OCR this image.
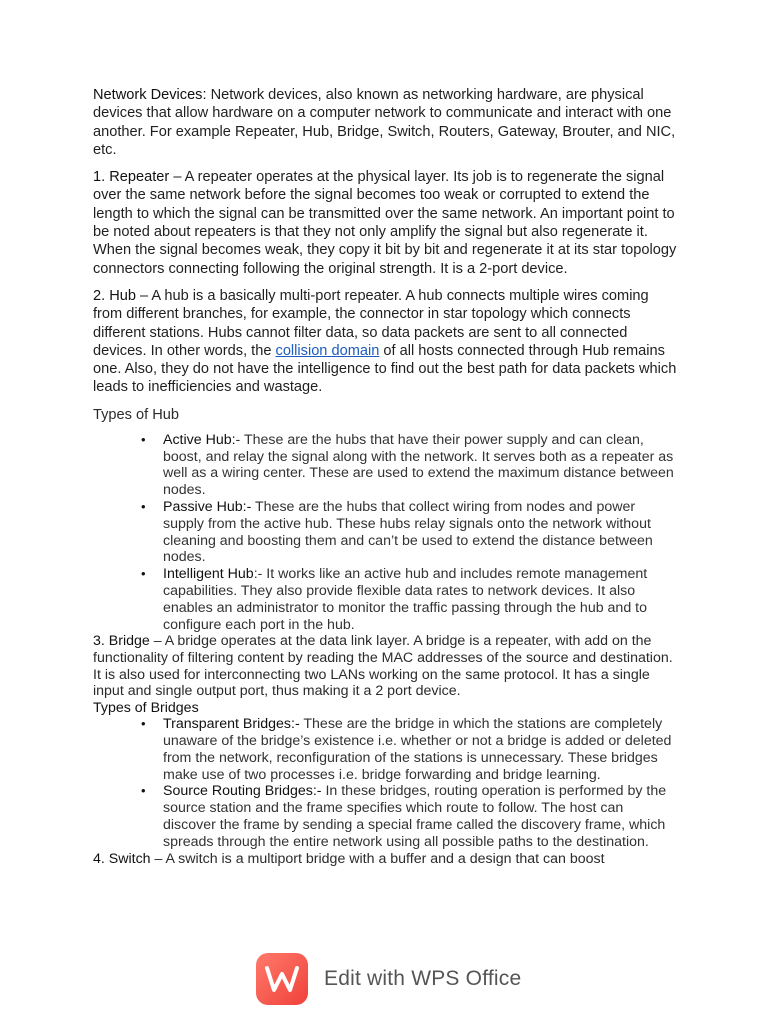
Network Devices: Network devices, also known as networking hardware, are physical devices that allow hardware on a computer network to communicate and interact with one another. For example Repeater, Hub, Bridge, Switch, Routers, Gateway, Brouter, and NIC, etc.

1. Repeater – A repeater operates at the physical layer. Its job is to regenerate the signal over the same network before the signal becomes too weak or corrupted to extend the length to which the signal can be transmitted over the same network. An important point to be noted about repeaters is that they not only amplify the signal but also regenerate it. When the signal becomes weak, they copy it bit by bit and regenerate it at its star topology connectors connecting following the original strength. It is a 2-port device.

2. Hub – A hub is a basically multi-port repeater. A hub connects multiple wires coming from different branches, for example, the connector in star topology which connects different stations. Hubs cannot filter data, so data packets are sent to all connected devices. In other words, the collision domain of all hosts connected through Hub remains one. Also, they do not have the intelligence to find out the best path for data packets which leads to inefficiencies and wastage.

Types of Hub

• Active Hub:- These are the hubs that have their power supply and can clean, boost, and relay the signal along with the network. It serves both as a repeater as well as a wiring center. These are used to extend the maximum distance between nodes.
• Passive Hub:- These are the hubs that collect wiring from nodes and power supply from the active hub. These hubs relay signals onto the network without cleaning and boosting them and can’t be used to extend the distance between nodes.
• Intelligent Hub:- It works like an active hub and includes remote management capabilities. They also provide flexible data rates to network devices. It also enables an administrator to monitor the traffic passing through the hub and to configure each port in the hub.

3. Bridge – A bridge operates at the data link layer. A bridge is a repeater, with add on the functionality of filtering content by reading the MAC addresses of the source and destination. It is also used for interconnecting two LANs working on the same protocol. It has a single input and single output port, thus making it a 2 port device.

Types of Bridges

• Transparent Bridges:- These are the bridge in which the stations are completely unaware of the bridge’s existence i.e. whether or not a bridge is added or deleted from the network, reconfiguration of the stations is unnecessary. These bridges make use of two processes i.e. bridge forwarding and bridge learning.
• Source Routing Bridges:- In these bridges, routing operation is performed by the source station and the frame specifies which route to follow. The host can discover the frame by sending a special frame called the discovery frame, which spreads through the entire network using all possible paths to the destination.

4. Switch – A switch is a multiport bridge with a buffer and a design that can boost

Edit with WPS Office
